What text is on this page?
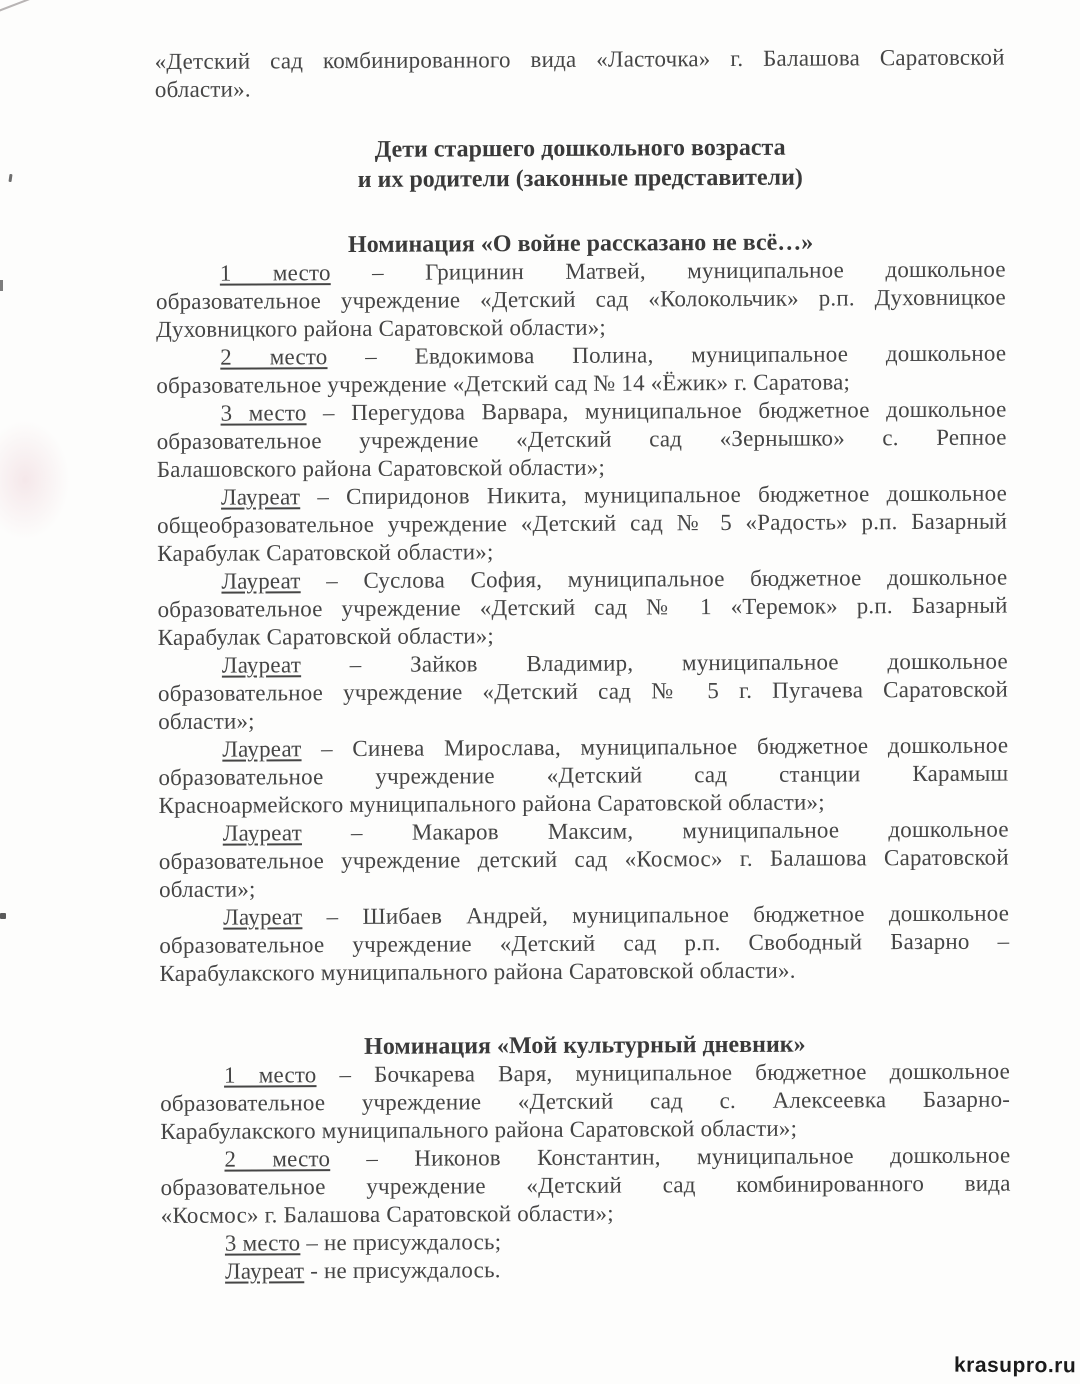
«Детский сад комбинированного вида «Ласточка» г. Балашова Саратовской
области».
Дети старшего дошкольного возраста
и их родители (законные представители)
Номинация «О войне рассказано не всё…»
1 место – Грицинин Матвей, муниципальное дошкольное
образовательное учреждение «Детский сад «Колокольчик» р.п. Духовницкое
Духовницкого района Саратовской области»;
2 место – Евдокимова Полина, муниципальное дошкольное
образовательное учреждение «Детский сад № 14 «Ёжик» г. Саратова;
3 место – Перегудова Варвара, муниципальное бюджетное дошкольное
образовательное учреждение «Детский сад «Зернышко» с. Репное
Балашовского района Саратовской области»;
Лауреат – Спиридонов Никита, муниципальное бюджетное дошкольное
общеобразовательное учреждение «Детский сад № 5 «Радость» р.п. Базарный
Карабулак Саратовской области»;
Лауреат – Суслова София, муниципальное бюджетное дошкольное
образовательное учреждение «Детский сад № 1 «Теремок» р.п. Базарный
Карабулак Саратовской области»;
Лауреат – Зайков Владимир, муниципальное дошкольное
образовательное учреждение «Детский сад № 5 г. Пугачева Саратовской
области»;
Лауреат – Синева Мирослава, муниципальное бюджетное дошкольное
образовательное учреждение «Детский сад станции Карамыш
Красноармейского муниципального района Саратовской области»;
Лауреат – Макаров Максим, муниципальное дошкольное
образовательное учреждение детский сад «Космос» г. Балашова Саратовской
области»;
Лауреат – Шибаев Андрей, муниципальное бюджетное дошкольное
образовательное учреждение «Детский сад р.п. Свободный Базарно –
Карабулакского муниципального района Саратовской области».
Номинация «Мой культурный дневник»
1 место – Бочкарева Варя, муниципальное бюджетное дошкольное
образовательное учреждение «Детский сад с. Алексеевка Базарно-
Карабулакского муниципального района Саратовской области»;
2 место – Никонов Константин, муниципальное дошкольное
образовательное учреждение «Детский сад комбинированного вида
«Космос» г. Балашова Саратовской области»;
3 место – не присуждалось;
Лауреат - не присуждалось.
krasupro.ru
